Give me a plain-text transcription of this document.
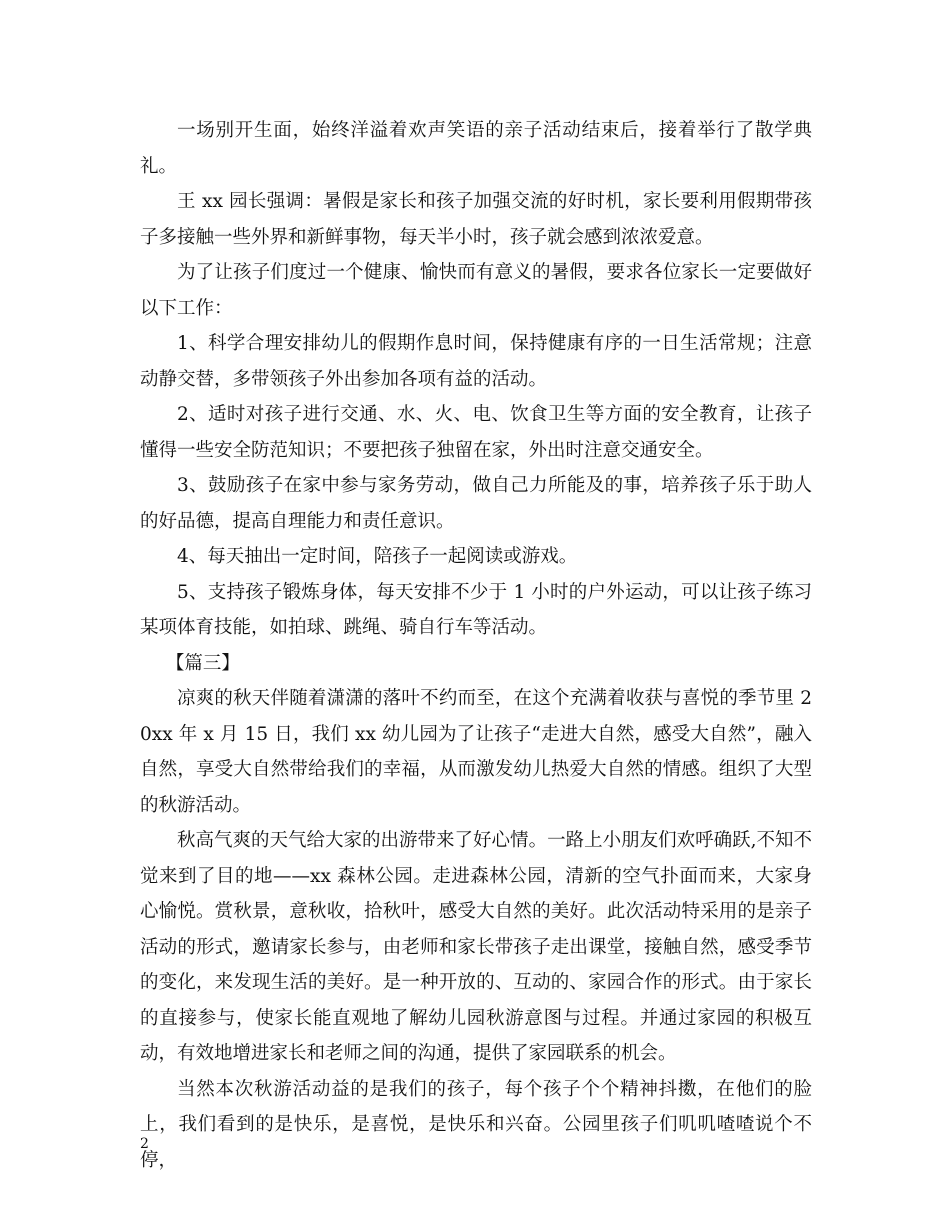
一场别开生面，始终洋溢着欢声笑语的亲子活动结束后，接着举行了散学典礼。

王 xx 园长强调：暑假是家长和孩子加强交流的好时机，家长要利用假期带孩子多接触一些外界和新鲜事物，每天半小时，孩子就会感到浓浓爱意。

为了让孩子们度过一个健康、愉快而有意义的暑假，要求各位家长一定要做好以下工作：

1、科学合理安排幼儿的假期作息时间，保持健康有序的一日生活常规；注意动静交替，多带领孩子外出参加各项有益的活动。

2、适时对孩子进行交通、水、火、电、饮食卫生等方面的安全教育，让孩子懂得一些安全防范知识；不要把孩子独留在家，外出时注意交通安全。

3、鼓励孩子在家中参与家务劳动，做自己力所能及的事，培养孩子乐于助人的好品德，提高自理能力和责任意识。

4、每天抽出一定时间，陪孩子一起阅读或游戏。

5、支持孩子锻炼身体，每天安排不少于 1 小时的户外运动，可以让孩子练习某项体育技能，如拍球、跳绳、骑自行车等活动。

【篇三】

凉爽的秋天伴随着潇潇的落叶不约而至，在这个充满着收获与喜悦的季节里 20xx 年 x 月 15 日，我们 xx 幼儿园为了让孩子“走进大自然，感受大自然”，融入自然，享受大自然带给我们的幸福，从而激发幼儿热爱大自然的情感。组织了大型的秋游活动。

秋高气爽的天气给大家的出游带来了好心情。一路上小朋友们欢呼确跃,不知不觉来到了目的地——xx 森林公园。走进森林公园，清新的空气扑面而来，大家身心愉悦。赏秋景，意秋收，拾秋叶，感受大自然的美好。此次活动特采用的是亲子活动的形式，邀请家长参与，由老师和家长带孩子走出课堂，接触自然，感受季节的变化，来发现生活的美好。是一种开放的、互动的、家园合作的形式。由于家长的直接参与，使家长能直观地了解幼儿园秋游意图与过程。并通过家园的积极互动，有效地增进家长和老师之间的沟通，提供了家园联系的机会。

当然本次秋游活动益的是我们的孩子，每个孩子个个精神抖擞，在他们的脸上，我们看到的是快乐，是喜悦，是快乐和兴奋。公园里孩子们叽叽喳喳说个不停，

2
